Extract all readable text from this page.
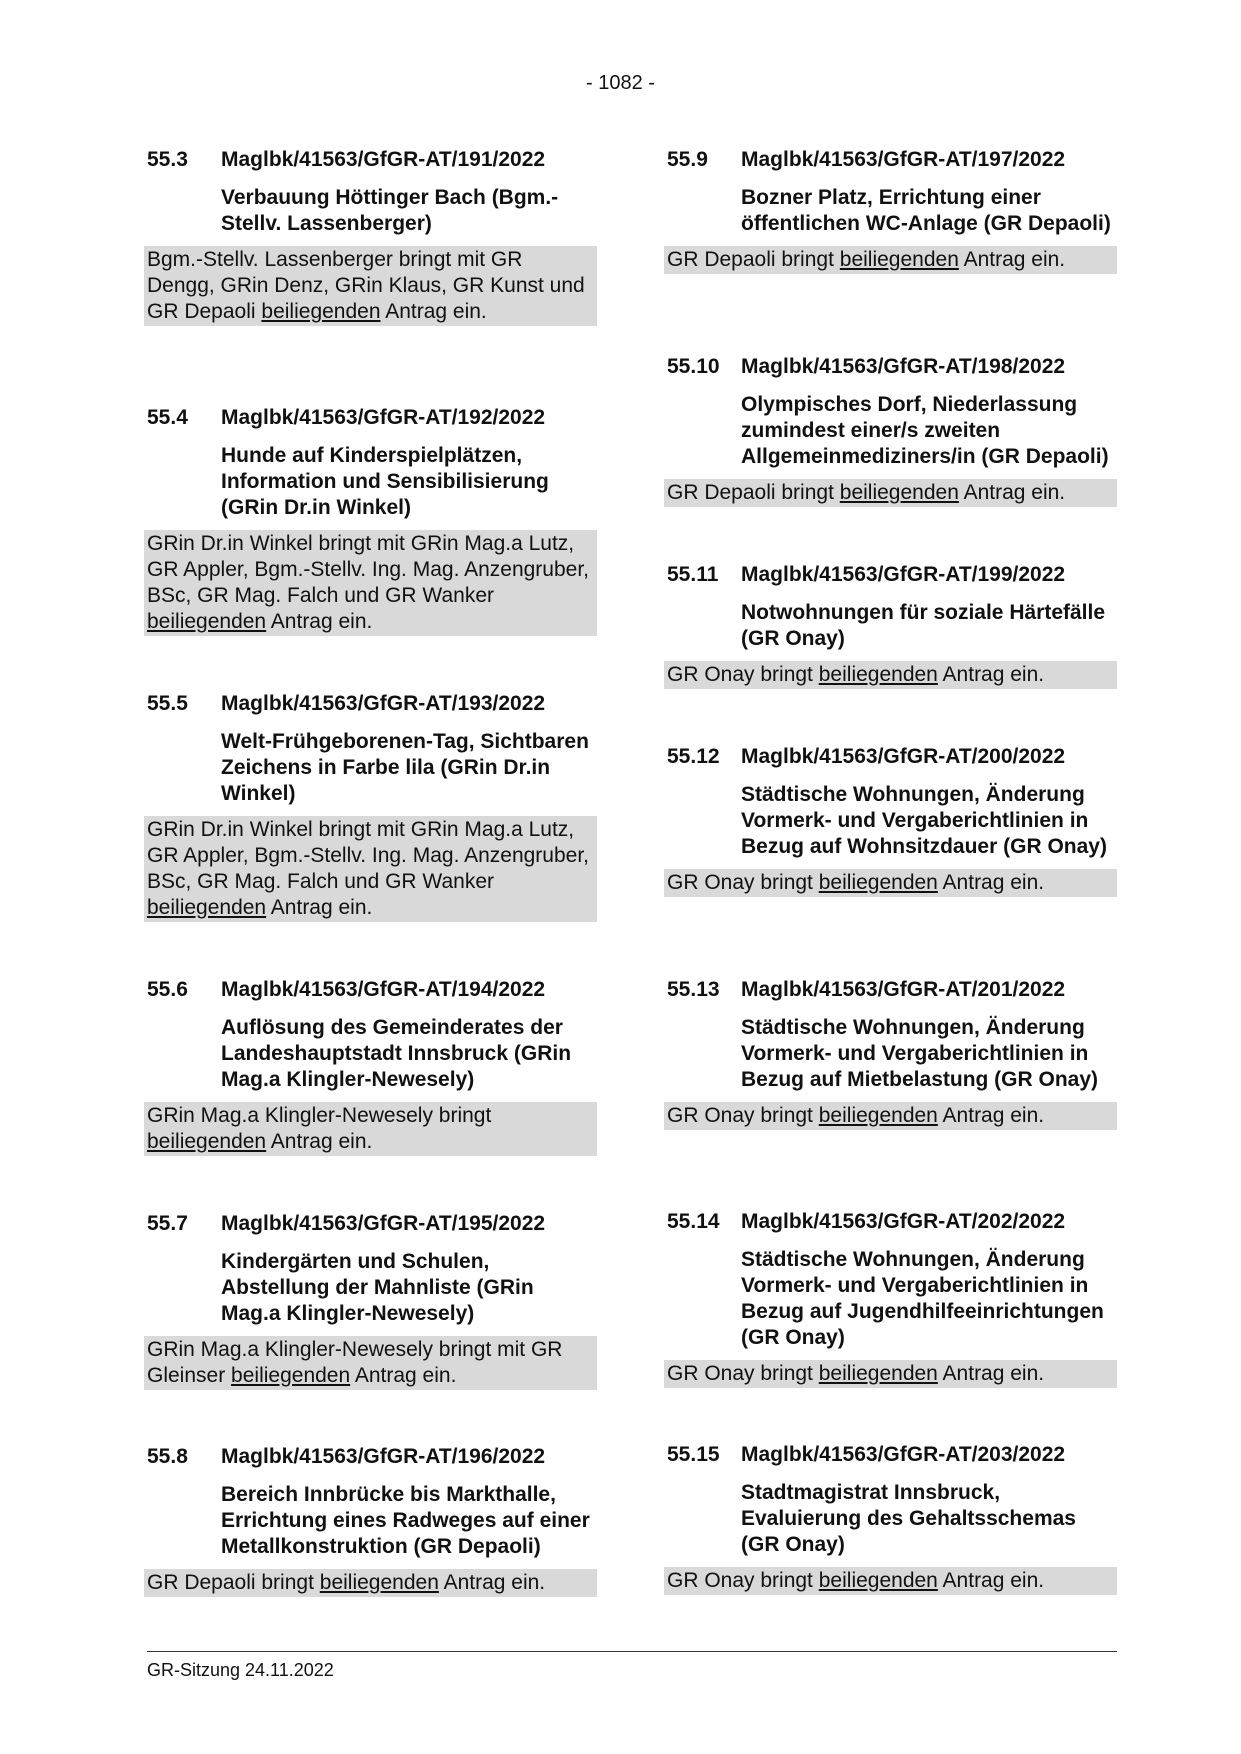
- 1082 -
55.3	Maglbk/41563/GfGR-AT/191/2022
Verbauung Höttinger Bach (Bgm.-Stellv. Lassenberger)
Bgm.-Stellv. Lassenberger bringt mit GR Dengg, GRin Denz, GRin Klaus, GR Kunst und GR Depaoli beiliegenden Antrag ein.
55.4	Maglbk/41563/GfGR-AT/192/2022
Hunde auf Kinderspielplätzen, Information und Sensibilisierung (GRin Dr.in Winkel)
GRin Dr.in Winkel bringt mit GRin Mag.a Lutz, GR Appler, Bgm.-Stellv. Ing. Mag. Anzengruber, BSc, GR Mag. Falch und GR Wanker beiliegenden Antrag ein.
55.5	Maglbk/41563/GfGR-AT/193/2022
Welt-Frühgeborenen-Tag, Sichtbaren Zeichens in Farbe lila (GRin Dr.in Winkel)
GRin Dr.in Winkel bringt mit GRin Mag.a Lutz, GR Appler, Bgm.-Stellv. Ing. Mag. Anzengruber, BSc, GR Mag. Falch und GR Wanker beiliegenden Antrag ein.
55.6	Maglbk/41563/GfGR-AT/194/2022
Auflösung des Gemeinderates der Landeshauptstadt Innsbruck (GRin Mag.a Klingler-Newesely)
GRin Mag.a Klingler-Newesely bringt beiliegenden Antrag ein.
55.7	Maglbk/41563/GfGR-AT/195/2022
Kindergärten und Schulen, Abstellung der Mahnliste (GRin Mag.a Klingler-Newesely)
GRin Mag.a Klingler-Newesely bringt mit GR Gleinser beiliegenden Antrag ein.
55.8	Maglbk/41563/GfGR-AT/196/2022
Bereich Innbrücke bis Markthalle, Errichtung eines Radweges auf einer Metallkonstruktion (GR Depaoli)
GR Depaoli bringt beiliegenden Antrag ein.
55.9	Maglbk/41563/GfGR-AT/197/2022
Bozner Platz, Errichtung einer öffentlichen WC-Anlage (GR Depaoli)
GR Depaoli bringt beiliegenden Antrag ein.
55.10	Maglbk/41563/GfGR-AT/198/2022
Olympisches Dorf, Niederlassung zumindest einer/s zweiten Allgemeinmediziners/in (GR Depaoli)
GR Depaoli bringt beiliegenden Antrag ein.
55.11	Maglbk/41563/GfGR-AT/199/2022
Notwohnungen für soziale Härtefälle (GR Onay)
GR Onay bringt beiliegenden Antrag ein.
55.12	Maglbk/41563/GfGR-AT/200/2022
Städtische Wohnungen, Änderung Vormerk- und Vergaberichtlinien in Bezug auf Wohnsitzdauer (GR Onay)
GR Onay bringt beiliegenden Antrag ein.
55.13	Maglbk/41563/GfGR-AT/201/2022
Städtische Wohnungen, Änderung Vormerk- und Vergaberichtlinien in Bezug auf Mietbelastung (GR Onay)
GR Onay bringt beiliegenden Antrag ein.
55.14	Maglbk/41563/GfGR-AT/202/2022
Städtische Wohnungen, Änderung Vormerk- und Vergaberichtlinien in Bezug auf Jugendhilfeeinrichtungen (GR Onay)
GR Onay bringt beiliegenden Antrag ein.
55.15	Maglbk/41563/GfGR-AT/203/2022
Stadtmagistrat Innsbruck, Evaluierung des Gehaltsschemas (GR Onay)
GR Onay bringt beiliegenden Antrag ein.
GR-Sitzung 24.11.2022
